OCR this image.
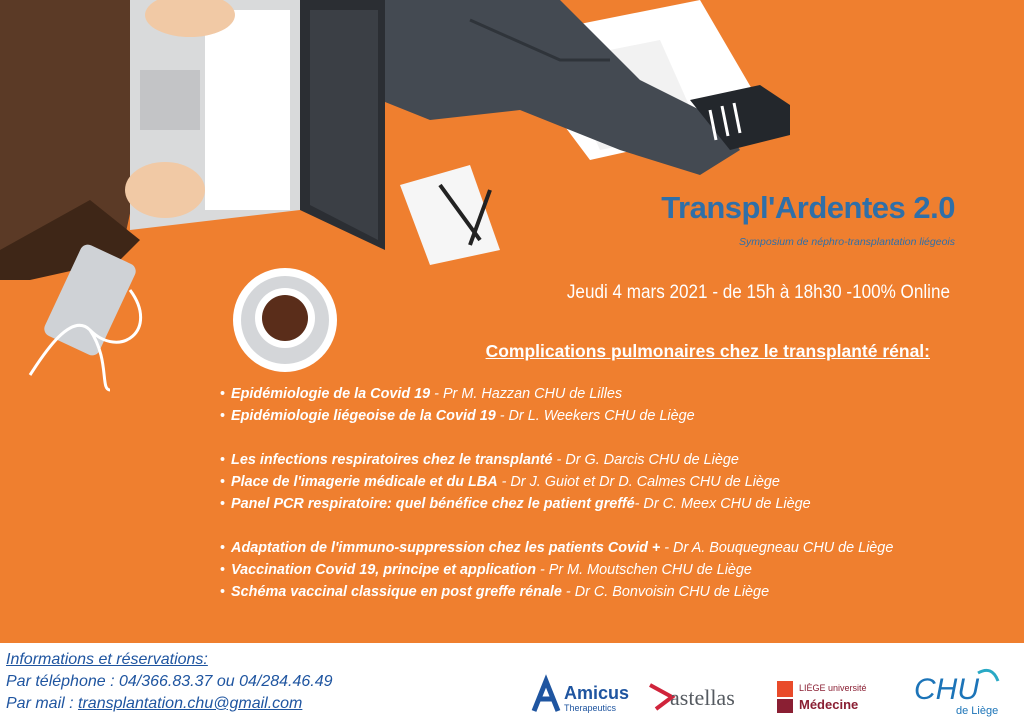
Transpl'Ardentes 2.0
Symposium de néphro-transplantation liégeois
Jeudi 4 mars 2021 - de 15h à 18h30 -100% Online
Complications pulmonaires chez le transplanté rénal:
• Epidémiologie de la Covid 19 - Pr M. Hazzan CHU de Lilles
• Epidémiologie liégeoise de la Covid 19 - Dr L. Weekers CHU de Liège
• Les infections respiratoires chez le transplanté - Dr G. Darcis CHU de Liège
• Place de l'imagerie médicale et du LBA - Dr J. Guiot et Dr D. Calmes CHU de Liège
• Panel PCR respiratoire: quel bénéfice chez le patient greffé- Dr C. Meex CHU de Liège
• Adaptation de l'immuno-suppression chez les patients Covid + - Dr A. Bouquegneau CHU de Liège
• Vaccination Covid 19, principe et application - Pr M. Moutschen CHU de Liège
• Schéma vaccinal classique en post greffe rénale - Dr C. Bonvoisin CHU de Liège
Informations et réservations:
Par téléphone : 04/366.83.37 ou 04/284.46.49
Par mail : transplantation.chu@gmail.com
Amicus
Therapeutics astellas	LIÈGE université
Médecine CHU
de Liège
